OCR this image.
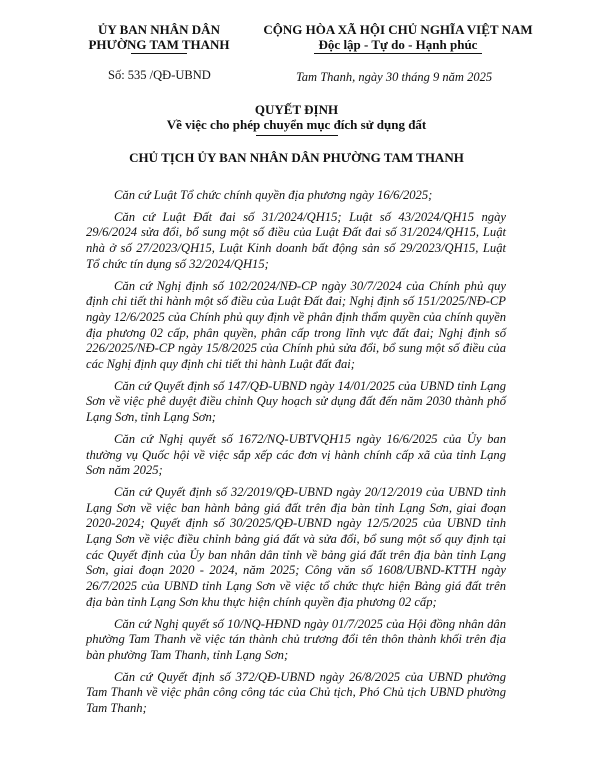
ỦY BAN NHÂN DÂN
PHƯỜNG TAM THANH
CỘNG HÒA XÃ HỘI CHỦ NGHĨA VIỆT NAM
Độc lập - Tự do - Hạnh phúc
Số: 535 /QĐ-UBND	Tam Thanh, ngày 30 tháng 9 năm 2025
QUYẾT ĐỊNH
Về việc cho phép chuyển mục đích sử dụng đất
CHỦ TỊCH ỦY BAN NHÂN DÂN PHƯỜNG TAM THANH

Căn cứ Luật Tổ chức chính quyền địa phương ngày 16/6/2025;

Căn cứ Luật Đất đai số 31/2024/QH15; Luật số 43/2024/QH15 ngày 29/6/2024 sửa đổi, bổ sung một số điều của Luật Đất đai số 31/2024/QH15, Luật nhà ở số 27/2023/QH15, Luật Kinh doanh bất động sản số 29/2023/QH15, Luật Tổ chức tín dụng số 32/2024/QH15;

Căn cứ Nghị định số 102/2024/NĐ-CP ngày 30/7/2024 của Chính phủ quy định chi tiết thi hành một số điều của Luật Đất đai; Nghị định số 151/2025/NĐ-CP ngày 12/6/2025 của Chính phủ quy định về phân định thẩm quyền của chính quyền địa phương 02 cấp, phân quyền, phân cấp trong lĩnh vực đất đai; Nghị định số 226/2025/NĐ-CP ngày 15/8/2025 của Chính phủ sửa đổi, bổ sung một số điều của các Nghị định quy định chi tiết thi hành Luật đất đai;

Căn cứ Quyết định số 147/QĐ-UBND ngày 14/01/2025 của UBND tỉnh Lạng Sơn về việc phê duyệt điều chỉnh Quy hoạch sử dụng đất đến năm 2030 thành phố Lạng Sơn, tỉnh Lạng Sơn;

Căn cứ Nghị quyết số 1672/NQ-UBTVQH15 ngày 16/6/2025 của Ủy ban thường vụ Quốc hội về việc sắp xếp các đơn vị hành chính cấp xã của tỉnh Lạng Sơn năm 2025;

Căn cứ Quyết định số 32/2019/QĐ-UBND ngày 20/12/2019 của UBND tỉnh Lạng Sơn về việc ban hành bảng giá đất trên địa bàn tỉnh Lạng Sơn, giai đoạn 2020-2024; Quyết định số 30/2025/QĐ-UBND ngày 12/5/2025 của UBND tỉnh Lạng Sơn về việc điều chỉnh bảng giá đất và sửa đổi, bổ sung một số quy định tại các Quyết định của Ủy ban nhân dân tỉnh về bảng giá đất trên địa bàn tỉnh Lạng Sơn, giai đoạn 2020 - 2024, năm 2025; Công văn số 1608/UBND-KTTH ngày 26/7/2025 của UBND tỉnh Lạng Sơn về việc tổ chức thực hiện Bảng giá đất trên địa bàn tỉnh Lạng Sơn khu thực hiện chính quyền địa phương 02 cấp;

Căn cứ Nghị quyết số 10/NQ-HĐND ngày 01/7/2025 của Hội đồng nhân dân phường Tam Thanh về việc tán thành chủ trương đổi tên thôn thành khối trên địa bàn phường Tam Thanh, tỉnh Lạng Sơn;

Căn cứ Quyết định số 372/QĐ-UBND ngày 26/8/2025 của UBND phường Tam Thanh về việc phân công công tác của Chủ tịch, Phó Chủ tịch UBND phường Tam Thanh;
